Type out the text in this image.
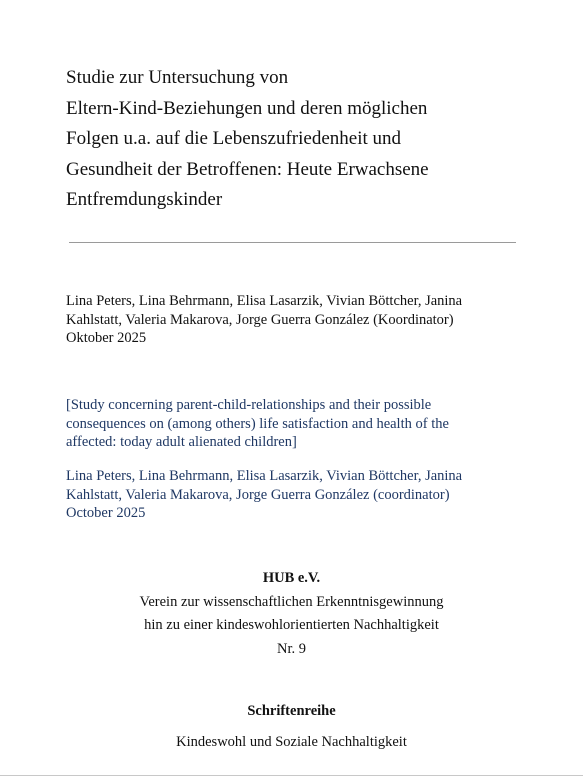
Studie zur Untersuchung von
Eltern-Kind-Beziehungen und deren möglichen
Folgen u.a. auf die Lebenszufriedenheit und
Gesundheit der Betroffenen: Heute Erwachsene
Entfremdungskinder
Lina Peters, Lina Behrmann, Elisa Lasarzik, Vivian Böttcher, Janina
Kahlstatt, Valeria Makarova, Jorge Guerra González (Koordinator)
Oktober 2025
[Study concerning parent-child-relationships and their possible
consequences on (among others) life satisfaction and health of the
affected: today adult alienated children]
Lina Peters, Lina Behrmann, Elisa Lasarzik, Vivian Böttcher, Janina
Kahlstatt, Valeria Makarova, Jorge Guerra González (coordinator)
October 2025
HUB e.V.
Verein zur wissenschaftlichen Erkenntnisgewinnung
hin zu einer kindeswohlorientierten Nachhaltigkeit
Nr. 9
Schriftenreihe
Kindeswohl und Soziale Nachhaltigkeit
